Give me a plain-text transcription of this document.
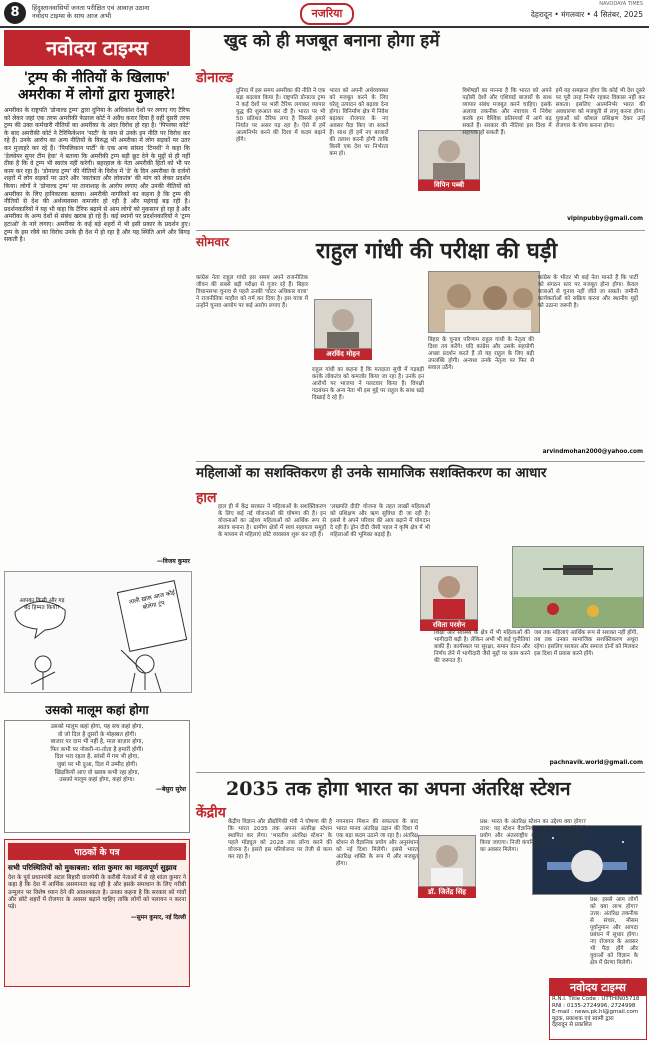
8	हिंदुस्तानवासियों जनता परीक्षित एवं आवाज़ उठाना
नवोदय टाइम्स के साथ आज अभी	नजरिया
NAVODAYA TIMES
देहरादून • मंगलवार • 4 सितंबर, 2025
नवोदय टाइम्स
'ट्रम्प की नीतियों के खिलाफ' अमरीका में लोगों द्वारा मुजाहरे!
अमरीका के राष्ट्रपति 'डोनाल्ड ट्रम्प' द्वारा दुनिया के अधिकांश देशों पर लगाए गए टैरिफ को लेकर जहां एक तरफ अमरीकी फेडरल कोर्ट ने अवैध करार दिया है वहीं दूसरी तरफ ट्रम्प की उक्त कर्मचारी नीतियों का अमरीका के अंदर विरोध हो रहा है। 'पिपलस कोर्ट' के बाद अमरीकी कोर्ट ने टैरिफिकेशन 'पाटी' के नाम से उनके इन नीति पर विरोध कर रहे हैं। उनके आरोप का अन्य नीतियों के विरुद्ध भी अमरीका में लोग सड़कों पर उतर कर मुजाहरे कर रहे हैं। 'पिपलिकान पार्टी' के एक अन्य सांसद 'टिमथी' ने कहा कि 'डेलवेयर सुपर टीम हेवा' ने बताया कि अमरीकी ट्रम्प बड़ी छूट देने के मुद्दों से ही नहीं ठीक है कि वे ट्रम्प भी स्वतंत्र नहीं करेगी। बहरहाल के नेता अमरीकी हितों को भी पर काम कर रहा है। 'डोनाल्ड ट्रम्प' की नीतियों के विरोध में 'डे' के दिन अमरीका के दर्जनों शहरों में लोग सड़कों पर उतरे और 'स्वतंत्रता और लोकतंत्र' की मांग को लेकर प्रदर्शन किया। लोगों ने 'डोनाल्ड ट्रम्प' पर तानाशाह के आरोप लगाए और उनकी नीतियों को अमरीका के लिए हानिकारक बताया। अमरीकी नागरिकों का कहना है कि ट्रम्प की नीतियों से देश की अर्थव्यवस्था कमजोर हो रही है और महंगाई बढ़ रही है। प्रदर्शनकारियों ने यह भी कहा कि टैरिफ बढ़ाने से आम लोगों को नुकसान हो रहा है और अमरीका के अन्य देशों से संबंध खराब हो रहे हैं। कई स्थानों पर प्रदर्शनकारियों ने 'ट्रम्प हटाओ' के नारे लगाए। अमरीका के कई बड़े शहरों में भी इसी प्रकार के प्रदर्शन हुए। ट्रम्प के इस रवैये का विरोध उनके ही देश में हो रहा है और यह स्थिति आगे और बिगड़ सकती है।
—विजय कुमार
आपका किसी और गड़ बद हिम्मत किया?
ताली ख़ास आज कोई बोलेगा ट्रंप
उसको मालूम कहां होगा
उसको मालूम कहां होगा, यह सच कहां होगा,
वो जो दिल है दूसरों के मोहब्बत होगी।
बाजार पर दाम भी नहीं है, माल बाज़ार होगा,
फिर कभी पर नोकरी-ना-तोता है हमारी होगी।
दिल भरा रहता है, सांसों में गम भी होगा,
जुबां पर भी दुआ, दिल में उम्मीद होगी।
खिड़कियों आए वो ख्वाब कभी रहा होगा,
उसको मालूम कहां होगा, कहां होगा।
—बेसुरा सुरेश
पाठकों के पत्र
सभी परिस्थितियों को मुकाबला: सांता कुमार का महत्वपूर्ण सुझाव
देश के पूर्व प्रधानमंत्री अटल बिहारी वाजपेयी के करीबी नेताओं में से रहे शांता कुमार ने कहा है कि देश में आर्थिक असमानता बढ़ रही है और इसके समाधान के लिए गरीबी उन्मूलन पर विशेष ध्यान देने की आवश्यकता है। उनका कहना है कि सरकार को गांवों और छोटे शहरों में रोजगार के अवसर बढ़ाने चाहिए ताकि लोगों को पलायन न करना पड़े।
—सुमन कुमार, नई दिल्ली
खुद को ही मजबूत बनाना होगा हमें
डोनाल्ड
विपिन पब्बी
दुनिया में इस समय अमरीका की नीति ने एक बड़ा बदलाव किया है। राष्ट्रपति डोनाल्ड ट्रम्प ने कई देशों पर भारी टैरिफ लगाकर व्यापार युद्ध की शुरुआत कर दी है। भारत पर भी 50 प्रतिशत टैरिफ लगा है जिससे हमारे निर्यात पर असर पड़ रहा है। ऐसे में हमें आत्मनिर्भर बनने की दिशा में कदम बढ़ाने होंगे।
भारत को अपनी अर्थव्यवस्था को मजबूत करने के लिए घरेलू उत्पादन को बढ़ावा देना होगा। विनिर्माण क्षेत्र में निवेश बढ़ाकर रोजगार के नए अवसर पैदा किए जा सकते हैं। साथ ही हमें नए बाजारों की तलाश करनी होगी ताकि किसी एक देश पर निर्भरता कम हो।
विशेषज्ञों का मानना है कि भारत को अपने पड़ोसी देशों और एशियाई बाजारों के साथ व्यापार संबंध मजबूत करने चाहिए। इसके अलावा तकनीक और नवाचार में निवेश करके हम वैश्विक प्रतिस्पर्धा में आगे बढ़ सकते हैं। सरकार की नीतियां इस दिशा में सहायक हो सकती हैं।
हमें यह समझना होगा कि कोई भी देश दूसरे पर पूरी तरह निर्भर रहकर विकास नहीं कर सकता। इसलिए आत्मनिर्भर भारत की अवधारणा को मजबूती से लागू करना होगा। युवाओं को कौशल प्रशिक्षण देकर उन्हें रोजगार के योग्य बनाना होगा।
vipinpubby@gmail.com
सोमवार	राहुल गांधी की परीक्षा की घड़ी
अरविंद मोहन
कांग्रेस नेता राहुल गांधी इस समय अपने राजनीतिक जीवन की सबसे बड़ी परीक्षा से गुजर रहे हैं। बिहार विधानसभा चुनाव से पहले उनकी 'वोटर अधिकार यात्रा' ने राजनीतिक माहौल को गर्म कर दिया है। इस यात्रा में उन्होंने चुनाव आयोग पर कई आरोप लगाए हैं।
राहुल गांधी का कहना है कि मतदाता सूची में गड़बड़ी करके लोकतंत्र को कमजोर किया जा रहा है। उनके इन आरोपों पर भाजपा ने पलटवार किया है। विपक्षी गठबंधन के अन्य नेता भी इस मुद्दे पर राहुल के साथ खड़े दिखाई दे रहे हैं।
बिहार के चुनाव परिणाम राहुल गांधी के नेतृत्व की दिशा तय करेंगे। यदि कांग्रेस और उसके सहयोगी अच्छा प्रदर्शन करते हैं तो यह राहुल के लिए बड़ी उपलब्धि होगी। अन्यथा उनके नेतृत्व पर फिर से सवाल उठेंगे।
कांग्रेस के भीतर भी कई नेता मानते हैं कि पार्टी को संगठन स्तर पर मजबूत होना होगा। केवल यात्राओं से चुनाव नहीं जीते जा सकते। जमीनी कार्यकर्ताओं को सक्रिय करना और स्थानीय मुद्दों को उठाना जरूरी है।
arvindmohan2000@yahoo.com
महिलाओं का सशक्तिकरण ही उनके सामाजिक सशक्तिकरण का आधार
हाल
रविता परशेन
हाल ही में केंद्र सरकार ने महिलाओं के सशक्तिकरण के लिए कई नई योजनाओं की घोषणा की है। इन योजनाओं का उद्देश्य महिलाओं को आर्थिक रूप से स्वतंत्र बनाना है। ग्रामीण क्षेत्रों में स्वयं सहायता समूहों के माध्यम से महिलाएं छोटे व्यवसाय शुरू कर रही हैं।
'लखपति दीदी' योजना के तहत लाखों महिलाओं को प्रशिक्षण और ऋण सुविधा दी जा रही है। इससे वे अपने परिवार की आय बढ़ाने में योगदान दे रही हैं। ड्रोन दीदी जैसी पहल ने कृषि क्षेत्र में भी महिलाओं की भूमिका बढ़ाई है।
शिक्षा और स्वास्थ्य के क्षेत्र में भी महिलाओं की भागीदारी बढ़ी है। लेकिन अभी भी कई चुनौतियां बाकी हैं। कार्यस्थल पर सुरक्षा, समान वेतन और निर्णय लेने में भागीदारी जैसे मुद्दों पर काम करने की जरूरत है।
जब तक महिलाएं आर्थिक रूप से सशक्त नहीं होंगी, तब तक उनका सामाजिक सशक्तिकरण अधूरा रहेगा। इसलिए सरकार और समाज दोनों को मिलकर इस दिशा में प्रयास करने होंगे।
pachnavik.world@gmail.com
2035 तक होगा भारत का अपना अंतरिक्ष स्टेशन
केंद्रीय
डॉ. जितेंद्र सिंह
केंद्रीय विज्ञान और प्रौद्योगिकी मंत्री ने घोषणा की है कि भारत 2035 तक अपना अंतरिक्ष स्टेशन स्थापित कर लेगा। 'भारतीय अंतरिक्ष स्टेशन' के पहले मॉड्यूल को 2028 तक लॉन्च करने की योजना है। इसरो इस परियोजना पर तेजी से काम कर रहा है।
गगनयान मिशन की सफलता के बाद भारत मानव अंतरिक्ष उड़ान की दिशा में एक बड़ा कदम उठाने जा रहा है। अंतरिक्ष स्टेशन से वैज्ञानिक प्रयोग और अनुसंधान को नई दिशा मिलेगी। इससे भारत अंतरिक्ष शक्ति के रूप में और मजबूत होगा।
प्रश्न: भारत के अंतरिक्ष स्टेशन का उद्देश्य क्या होगा? उत्तर: यह स्टेशन वैज्ञानिक अनुसंधान, माइक्रोग्रैविटी प्रयोग और अंतरराष्ट्रीय सहयोग के लिए इस्तेमाल किया जाएगा। निजी कंपनियों को भी इसमें भागीदारी का अवसर मिलेगा।
प्रश्न: इससे आम लोगों को क्या लाभ होगा? उत्तर: अंतरिक्ष तकनीक से संचार, मौसम पूर्वानुमान और आपदा प्रबंधन में सुधार होगा। नए रोजगार के अवसर भी पैदा होंगे और युवाओं को विज्ञान के क्षेत्र में प्रेरणा मिलेगी।
नवोदय टाइम्स
R.N.I. Title Code : UTTHIN05718
RNI : 0135-2724996, 2724998
E-mail : news.pk.hl@gmail.com
मुद्रक, प्रकाशक एवं स्वामी द्वारा
देहरादून से प्रकाशित
